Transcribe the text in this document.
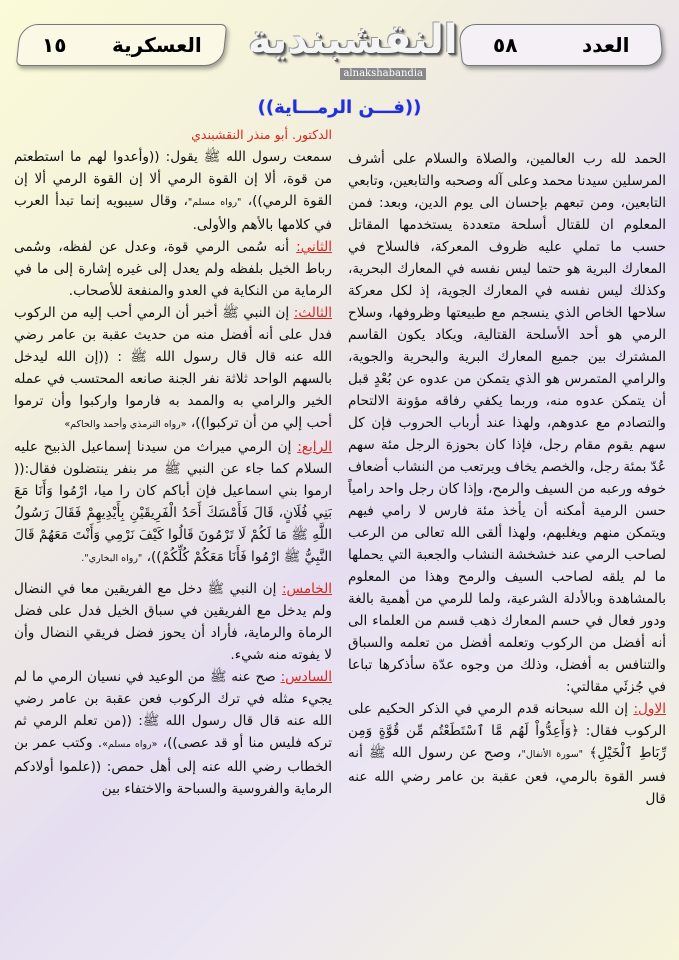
العسكرية
١٥	النقشبندية
alnakshabandia
العدد
٥٨
((فـــن الرمـــاية))

الحمد لله رب العالمين، والصلاة والسلام على أشرف المرسلين سيدنا محمد وعلى آله وصحبه والتابعين، وتابعي التابعين، ومن تبعهم بإحسان الى يوم الدين، وبعد: فمن المعلوم ان للقتال أسلحة متعددة يستخدمها المقاتل حسب ما تملي عليه ظروف المعركة، فالسلاح في المعارك البرية هو حتما ليس نفسه في المعارك البحرية، وكذلك ليس نفسه في المعارك الجوية، إذ لكل معركة سلاحها الخاص الذي ينسجم مع طبيعتها وظروفها، وسلاح الرمي هو أحد الأسلحة القتالية، ويكاد يكون القاسم المشترك بين جميع المعارك البرية والبحرية والجوية، والرامي المتمرس هو الذي يتمكن من عدوه عن بُعْدٍ قبل أن يتمكن عدوه منه، وربما يكفي رفاقه مؤونة الالتحام والتصادم مع عدوهم، ولهذا عند أرباب الحروب فإن كل سهم يقوم مقام رجل، فإذا كان بحوزة الرجل مئة سهم عُدّ بمئة رجل، والخصم يخاف ويرتعب من النشاب أضعاف خوفه ورعبه من السيف والرمح، وإذا كان رجل واحد رامياً حسن الرمية أمكنه أن يأخذ مئة فارس لا رامي فيهم ويتمكن منهم ويغلبهم، ولهذا ألقى الله تعالى من الرعب لصاحب الرمي عند خشخشة النشاب والجعبة التي يحملها ما لم يلقه لصاحب السيف والرمح وهذا من المعلوم بالمشاهدة وبالأدلة الشرعية، ولما للرمي من أهمية بالغة ودور فعال في حسم المعارك ذهب قسم من العلماء الى أنه أفضل من الركوب وتعلمه أفضل من تعلمه والسباق والتنافس به أفضل، وذلك من وجوه عدّة سأذكرها تباعا في جُزئَي مقالتي:

الاول: إن الله سبحانه قدم الرمي في الذكر الحكيم على الركوب فقال: ﴿وَأَعِدُّواْ لَهُم مَّا ٱسْتَطَعْتُم مِّن قُوَّةٍ وَمِن رِّبَاطِ ٱلْخَيْلِ﴾ "سورة الأنفال"، وصح عن رسول الله ﷺ أنه فسر القوة بالرمي، فعن عقبة بن عامر رضي الله عنه قال

الدكتور. أبو منذر النقشبندي

سمعت رسول الله ﷺ يقول: ((وأعدوا لهم ما استطعتم من قوة، ألا إن القوة الرمي ألا إن القوة الرمي ألا إن القوة الرمي))، "رواه مسلم"، وقال سيبويه إنما تبدأ العرب في كلامها بالأهم والأولى.

الثاني: أنه سُمى الرمي قوة، وعدل عن لفظه، وسُمى رباط الخيل بلفظه ولم يعدل إلى غيره إشارة إلى ما في الرماية من النكاية في العدو والمنفعة للأصحاب.

الثالث: إن النبي ﷺ أخبر أن الرمي أحب إليه من الركوب فدل على أنه أفضل منه من حديث عقبة بن عامر رضي الله عنه قال قال رسول الله ﷺ : ((إن الله ليدخل بالسهم الواحد ثلاثة نفر الجنة صانعه المحتسب في عمله الخير والرامي به والممد به فارموا واركبوا وأن ترموا أحب إلي من أن تركبوا))، «رواه الترمذي وأحمد والحاكم»

الرابع: إن الرمي ميراث من سيدنا إسماعيل الذبيح عليه السلام كما جاء عن النبي ﷺ مر بنفر ينتضلون فقال:(( ارموا بني اسماعيل فإن أباكم كان را ميا، ارْمُوا وَأَنَا مَعَ بَنِي فُلَانٍ، قَالَ فَأَمْسَكَ أَحَدُ الْفَرِيقَيْنِ بِأَيْدِيهِمْ فَقَالَ رَسُولُ اللَّهِ ﷺ مَا لَكُمْ لَا تَرْمُونَ قَالُوا كَيْفَ نَرْمِي وَأَنْتَ مَعَهُمْ قَالَ النَّبِيُّ ﷺ ارْمُوا فَأَنَا مَعَكُمْ كُلِّكُمْ))، "رواه البخاري".

الخامس: إن النبي ﷺ دخل مع الفريقين معا في النضال ولم يدخل مع الفريقين في سباق الخيل فدل على فضل الرماة والرماية، فأراد أن يحوز فضل فريقي النضال وأن لا يفوته منه شيء.

السادس: صح عنه ﷺ من الوعيد في نسيان الرمي ما لم يجيء مثله في ترك الركوب فعن عقبة بن عامر رضي الله عنه قال قال رسول الله ﷺ: ((من تعلم الرمي ثم تركه فليس منا أو قد عصى))، «رواه مسلم». وكتب عمر بن الخطاب رضي الله عنه إلى أهل حمص: ((علموا أولادكم الرماية والفروسية والسباحة والاختفاء بين
